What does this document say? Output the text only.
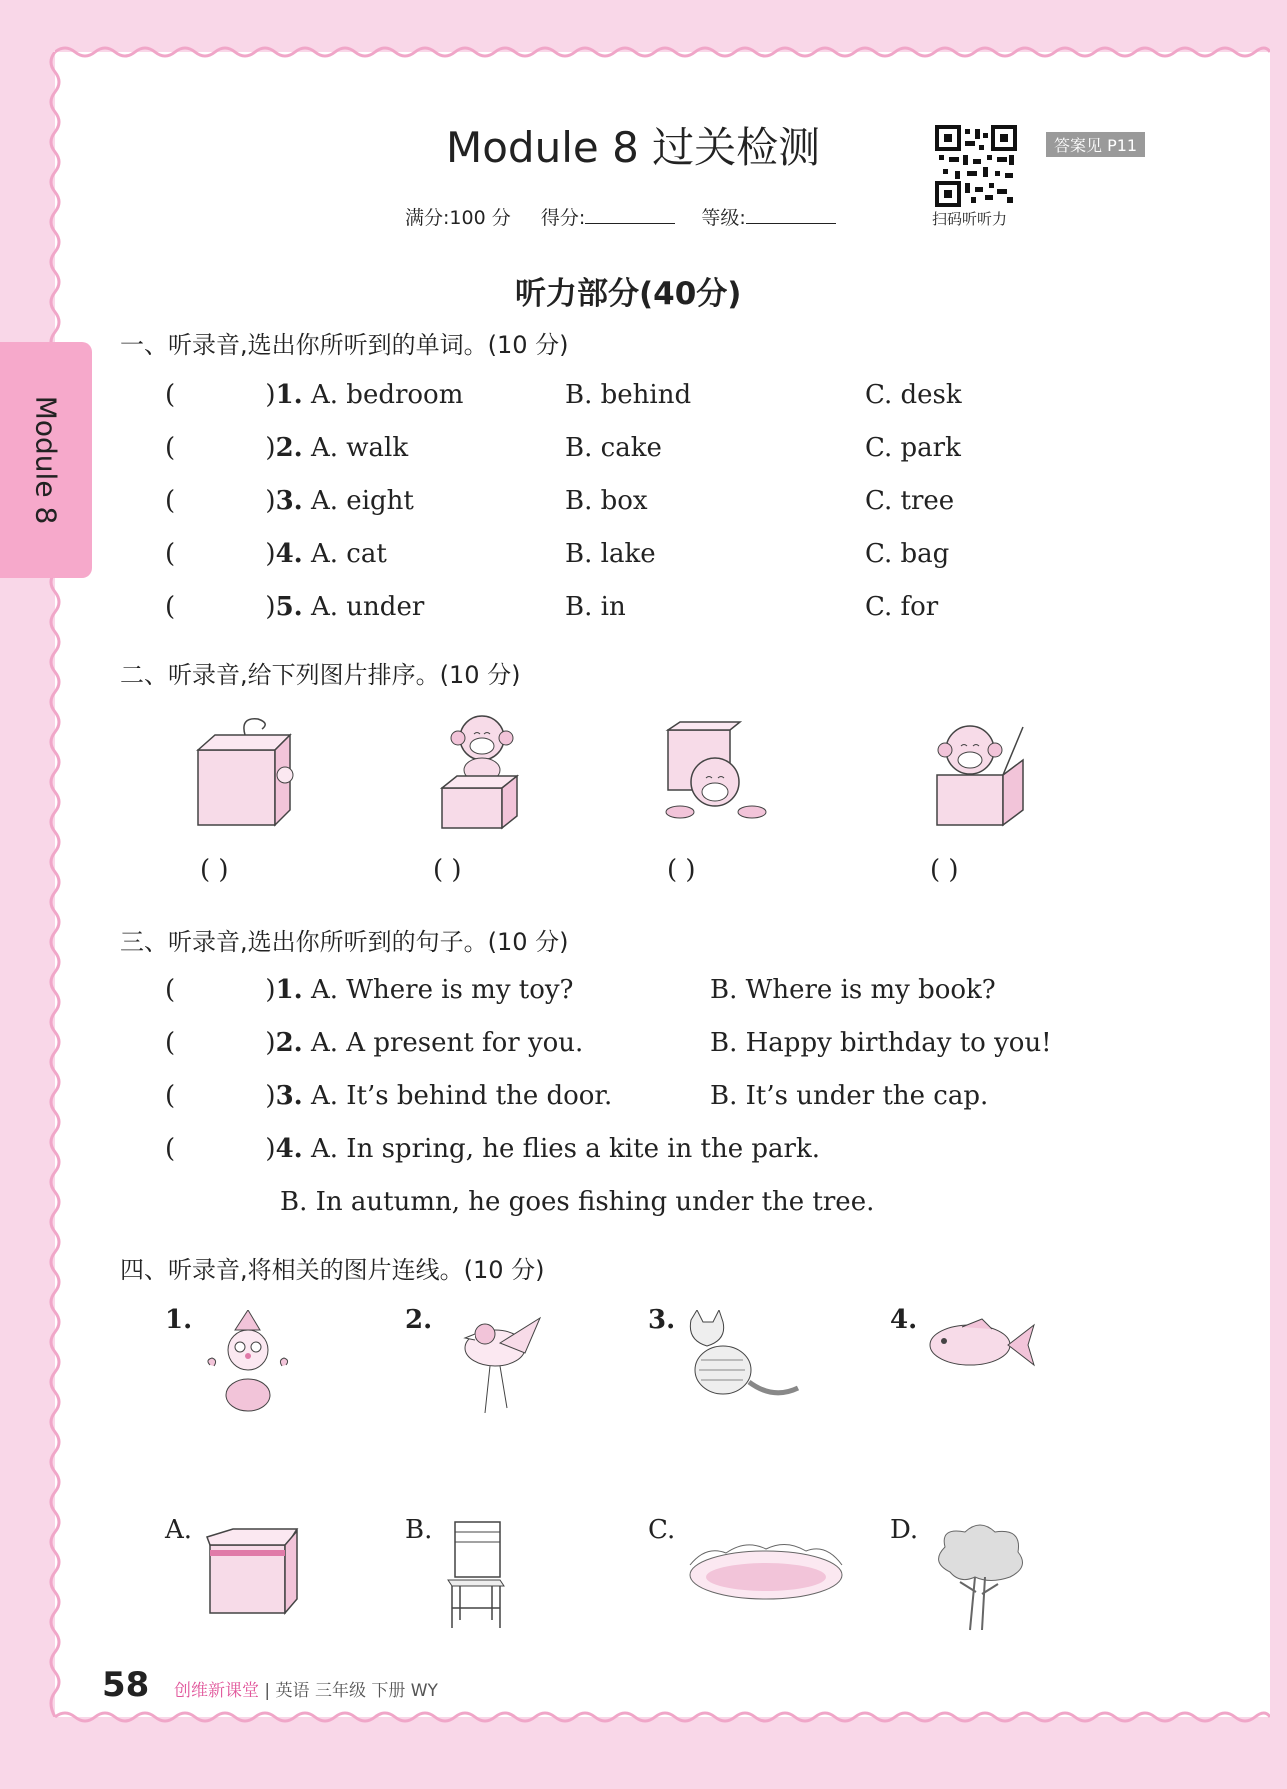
Module 8
Module 8 过关检测
扫码听听力
答案见 P11
满分:100 分 得分:	等级:
听力部分(40分)
一、听录音,选出你所听到的单词。(10 分)
(	)1. A. bedroom	B. behind	C. desk
(	)2. A. walk	B. cake	C. park
(	)3. A. eight	B. box	C. tree
(	)4. A. cat	B. lake	C. bag
(	)5. A. under	B. in	C. for
二、听录音,给下列图片排序。(10 分)
( )	( )	( )	( )
三、听录音,选出你所听到的句子。(10 分)
(	)1. A. Where is my toy?	B. Where is my book?
(	)2. A. A present for you.	B. Happy birthday to you!
(	)3. A. It’s behind the door.	B. It’s under the cap.
(	)4. A. In spring, he flies a kite in the park.
B. In autumn, he goes fishing under the tree.
四、听录音,将相关的图片连线。(10 分)
1.	2.	3.	4.
A.	B.	C.	D.
58 创维新课堂 | 英语 三年级 下册 WY
